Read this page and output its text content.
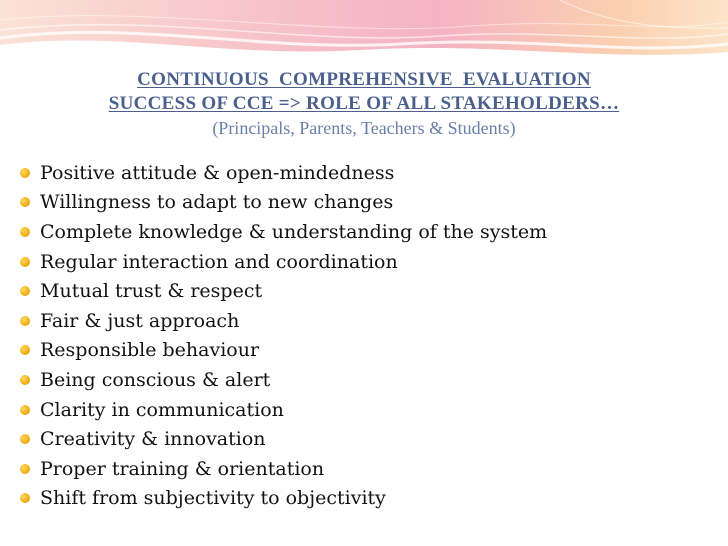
CONTINUOUS  COMPREHENSIVE  EVALUATION
SUCCESS OF CCE => ROLE OF ALL STAKEHOLDERS…
(Principals, Parents, Teachers & Students)
Positive attitude & open-mindedness
Willingness to adapt to new changes
Complete knowledge & understanding of the system
Regular interaction and coordination
Mutual trust & respect
Fair & just approach
Responsible behaviour
Being conscious & alert
Clarity in communication
Creativity & innovation
Proper training & orientation
Shift from subjectivity to objectivity
